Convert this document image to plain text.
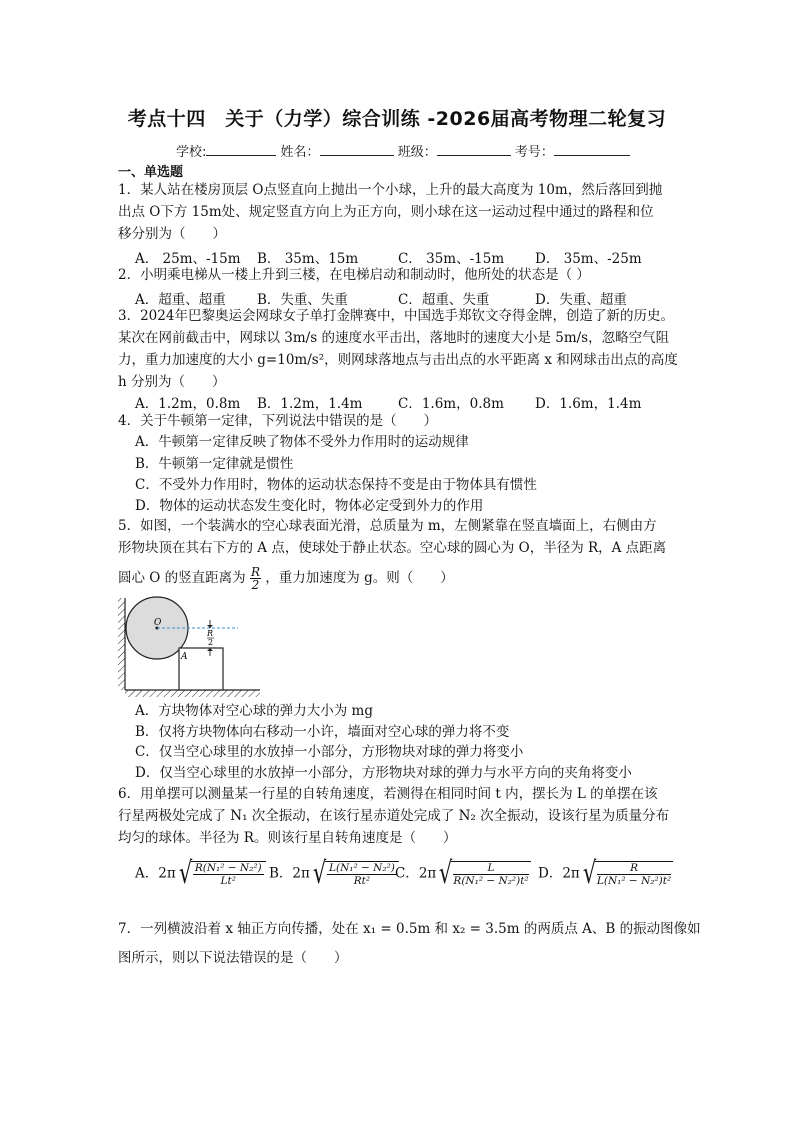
考点十四　关于（力学）综合训练 -2026届高考物理二轮复习
学校:	姓名：	班级：	考号：
一、单选题
1．某人站在楼房顶层 O点竖直向上抛出一个小球，上升的最大高度为 10m，然后落回到抛
出点 O下方 15m处、规定竖直方向上为正方向，则小球在这一运动过程中通过的路程和位
移分别为（　　）
A． 25m、-15m B． 35m、15m	C． 35m、-15m D． 35m、-25m
2．小明乘电梯从一楼上升到三楼，在电梯启动和制动时，他所处的状态是（ ）
A．超重、超重 B．失重、失重	C．超重、失重	D．失重、超重
3．2024年巴黎奥运会网球女子单打金牌赛中，中国选手郑钦文夺得金牌，创造了新的历史。
某次在网前截击中，网球以 3m/s 的速度水平击出，落地时的速度大小是 5m/s，忽略空气阻
力，重力加速度的大小 g=10m/s²，则网球落地点与击出点的水平距离 x 和网球击出点的高度
h 分别为（　　）
A．1.2m，0.8m B．1.2m，1.4m	C．1.6m，0.8m D．1.6m，1.4m
4．关于牛顿第一定律，下列说法中错误的是（　　）
A．牛顿第一定律反映了物体不受外力作用时的运动规律
B．牛顿第一定律就是惯性
C．不受外力作用时，物体的运动状态保持不变是由于物体具有惯性
D．物体的运动状态发生变化时，物体必定受到外力的作用
5．如图，一个装满水的空心球表面光滑，总质量为 m，左侧紧靠在竖直墙面上，右侧由方
形物块顶在其右下方的 A 点，使球处于静止状态。空心球的圆心为 O，半径为 R，A 点距离
圆心 O 的竖直距离为 $\frac{R}{2}$ ，重力加速度为 g。则（　　）
O
A
R
2
A．方块物体对空心球的弹力大小为 mg
B．仅将方块物体向右移动一小许，墙面对空心球的弹力将不变
C．仅当空心球里的水放掉一小部分，方形物块对球的弹力将变小
D．仅当空心球里的水放掉一小部分，方形物块对球的弹力与水平方向的夹角将变小
6．用单摆可以测量某一行星的自转角速度，若测得在相同时间 t 内，摆长为 L 的单摆在该
行星两极处完成了 N₁ 次全振动，在该行星赤道处完成了 N₂ 次全振动，设该行星为质量分布
均匀的球体。半径为 R。则该行星自转角速度是（　　）
A．2π√
$\frac{\text{R(N₁² − N₂²)}}{\text{Lt²}}$ B．2π√
$\frac{\text{L(N₁² − N₂²)}}{\text{Rt²}}$
C．2π√
$\frac{L}{\text{R(N₁² − N₂²)t²}}$ D．2π√
$\frac{R}{\text{L(N₁² − N₂²)t²}}$
7．一列横波沿着 x 轴正方向传播，处在 x₁ = 0.5m 和 x₂ = 3.5m 的两质点 A、B 的振动图像如
图所示，则以下说法错误的是（　　）
